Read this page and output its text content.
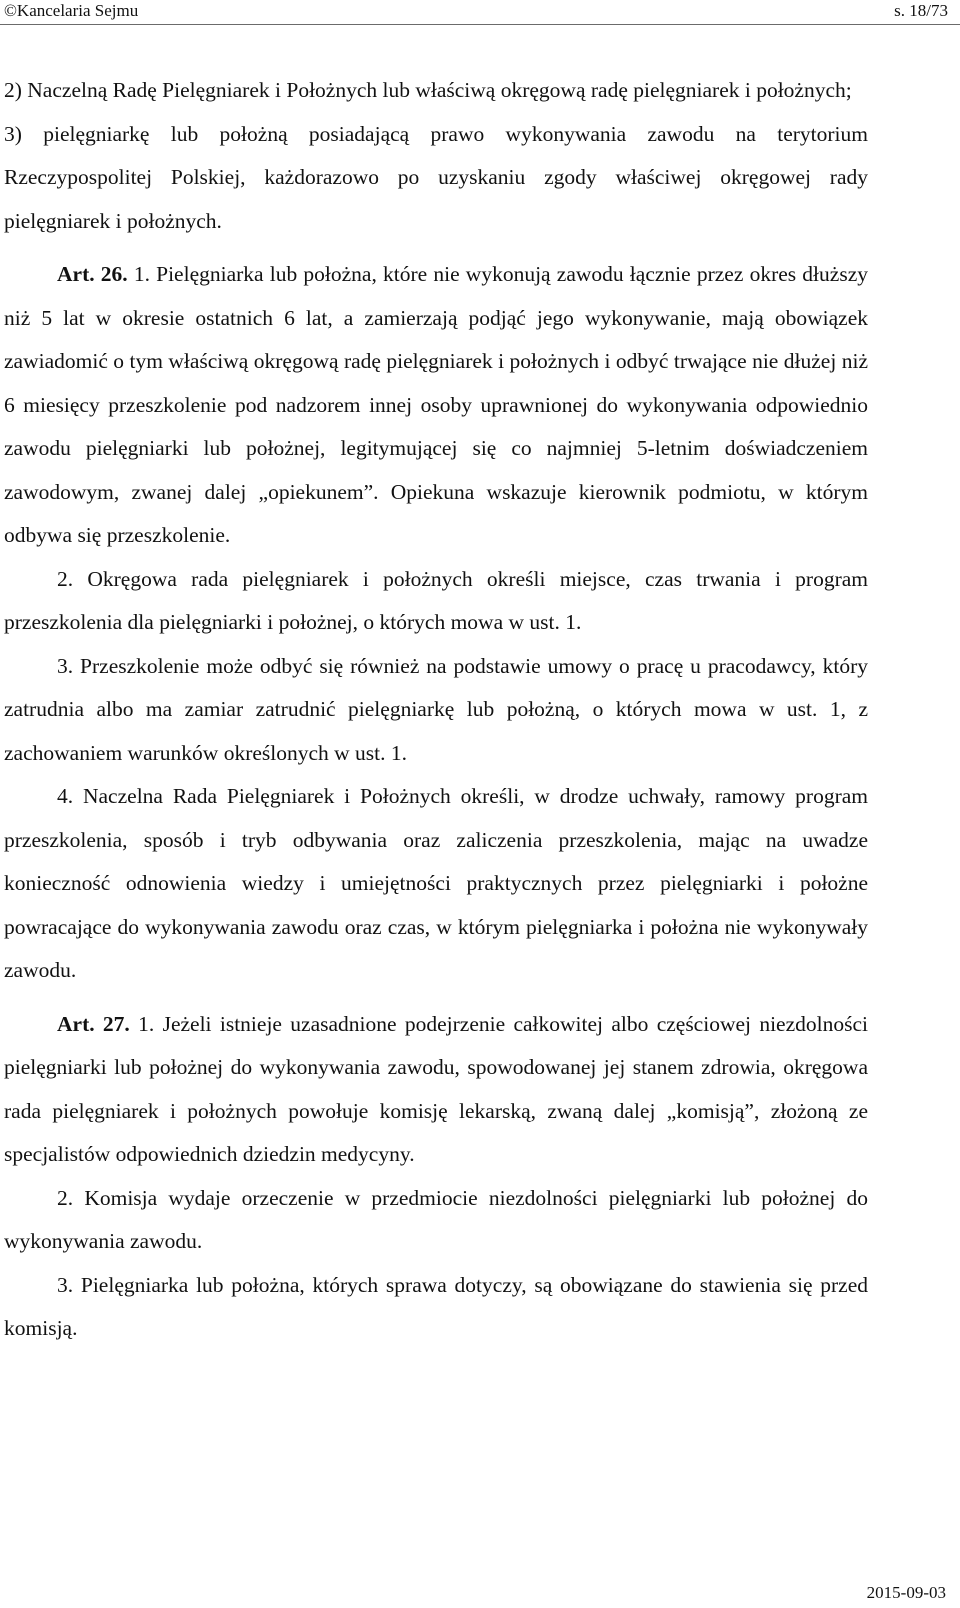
©Kancelaria Sejmu	s. 18/73

2) Naczelną Radę Pielęgniarek i Położnych lub właściwą okręgową radę pielęgniarek i położnych;

3) pielęgniarkę lub położną posiadającą prawo wykonywania zawodu na terytorium Rzeczypospolitej Polskiej, każdorazowo po uzyskaniu zgody właściwej okręgowej rady pielęgniarek i położnych.

Art. 26. 1. Pielęgniarka lub położna, które nie wykonują zawodu łącznie przez okres dłuższy niż 5 lat w okresie ostatnich 6 lat, a zamierzają podjąć jego wykonywanie, mają obowiązek zawiadomić o tym właściwą okręgową radę pielęgniarek i położnych i odbyć trwające nie dłużej niż 6 miesięcy przeszkolenie pod nadzorem innej osoby uprawnionej do wykonywania odpowiednio zawodu pielęgniarki lub położnej, legitymującej się co najmniej 5-letnim doświadczeniem zawodowym, zwanej dalej „opiekunem”. Opiekuna wskazuje kierownik podmiotu, w którym odbywa się przeszkolenie.

2. Okręgowa rada pielęgniarek i położnych określi miejsce, czas trwania i program przeszkolenia dla pielęgniarki i położnej, o których mowa w ust. 1.

3. Przeszkolenie może odbyć się również na podstawie umowy o pracę u pracodawcy, który zatrudnia albo ma zamiar zatrudnić pielęgniarkę lub położną, o których mowa w ust. 1, z zachowaniem warunków określonych w ust. 1.

4. Naczelna Rada Pielęgniarek i Położnych określi, w drodze uchwały, ramowy program przeszkolenia, sposób i tryb odbywania oraz zaliczenia przeszkolenia, mając na uwadze konieczność odnowienia wiedzy i umiejętności praktycznych przez pielęgniarki i położne powracające do wykonywania zawodu oraz czas, w którym pielęgniarka i położna nie wykonywały zawodu.

Art. 27. 1. Jeżeli istnieje uzasadnione podejrzenie całkowitej albo częściowej niezdolności pielęgniarki lub położnej do wykonywania zawodu, spowodowanej jej stanem zdrowia, okręgowa rada pielęgniarek i położnych powołuje komisję lekarską, zwaną dalej „komisją”, złożoną ze specjalistów odpowiednich dziedzin medycyny.

2. Komisja wydaje orzeczenie w przedmiocie niezdolności pielęgniarki lub położnej do wykonywania zawodu.

3. Pielęgniarka lub położna, których sprawa dotyczy, są obowiązane do stawienia się przed komisją.

2015-09-03
